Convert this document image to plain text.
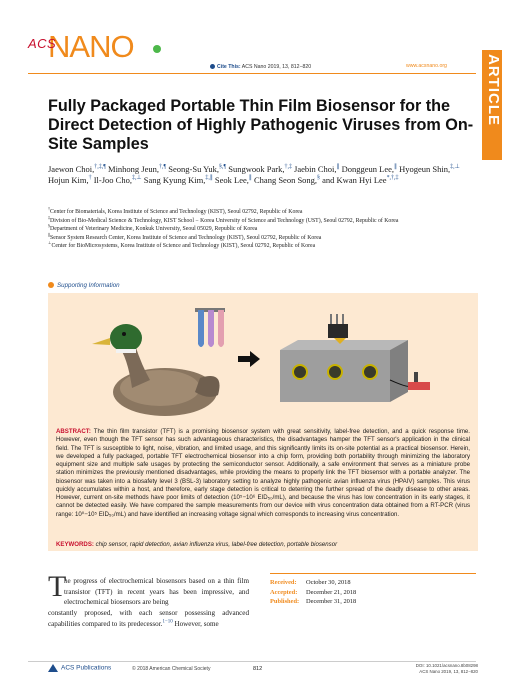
NANO
ACS
Cite This: ACS Nano 2019, 13, 812−820	www.acsnano.org	ARTICLE
Fully Packaged Portable Thin Film Biosensor for the Direct Detection of Highly Pathogenic Viruses from On-Site Samples
Jaewon Choi,†,‡,¶ Minhong Jeun,†,¶ Seong-Su Yuk,§,¶ Sungwook Park,†,‡ Jaebin Choi,∥ Donggeun Lee,∥ Hyogeun Shin,‡,⊥ Hojun Kim,† Il-Joo Cho,‡,⊥ Sang Kyung Kim,‡,∥ Seok Lee,∥ Chang Seon Song,§ and Kwan Hyi Lee*,†,‡
†Center for Biomaterials, Korea Institute of Science and Technology (KIST), Seoul 02792, Republic of Korea
‡Division of Bio-Medical Science & Technology, KIST School − Korea University of Science and Technology (UST), Seoul 02792, Republic of Korea
§Department of Veterinary Medicine, Konkuk University, Seoul 05029, Republic of Korea
∥Sensor System Research Center, Korea Institute of Science and Technology (KIST), Seoul 02792, Republic of Korea
⊥Center for BioMicrosystems, Korea Institute of Science and Technology (KIST), Seoul 02792, Republic of Korea
Supporting Information
ABSTRACT: The thin film transistor (TFT) is a promising biosensor system with great sensitivity, label-free detection, and a quick response time. However, even though the TFT sensor has such advantageous characteristics, the disadvantages hamper the TFT sensor's application in the clinical field. The TFT is susceptible to light, noise, vibration, and limited usage, and this significantly limits its on-site potential as a practical biosensor. Herein, we developed a fully packaged, portable TFT electrochemical biosensor into a chip form, providing both portability through minimizing the laboratory equipment size and multiple safe usages by protecting the semiconductor sensor. Additionally, a safe environment that serves as a miniature probe station minimizes the previously mentioned disadvantages, while providing the means to properly link the TFT biosensor with a portable analyzer. The biosensor was taken into a biosafety level 3 (BSL-3) laboratory setting to analyze highly pathogenic avian influenza virus (HPAIV) samples. This virus quickly accumulates within a host, and therefore, early stage detection is critical to deterring the further spread of the deadly disease to other areas. However, current on-site methods have poor limits of detection (10⁵−10⁶ EID₅₀/mL), and because the virus has low concentration in its early stages, it cannot be detected easily. We have compared the sample measurements from our device with virus concentration data obtained from a RT-PCR (virus range: 10⁰−10⁵ EID₅₀/mL) and have identified an increasing voltage signal which corresponds to increasing virus concentration.
KEYWORDS: chip sensor, rapid detection, avian influenza virus, label-free detection, portable biosensor
T
he progress of electrochemical biosensors based on a thin film transistor (TFT) in recent years has been impressive, and electrochemical biosensors are being
constantly proposed, with each sensor possessing advanced capabilities compared to its predecessor.$^{1-10}$ However, some
Received: October 30, 2018
Accepted: December 21, 2018
Published: December 31, 2018
ACS Publications	© 2018 American Chemical Society	812
DOI: 10.1021/acsnano.8b08298
ACS Nano 2019, 13, 812−820
